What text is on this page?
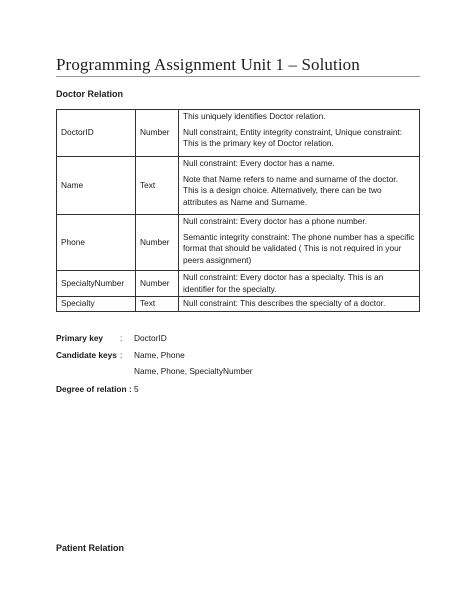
Programming Assignment Unit 1 – Solution
Doctor Relation
DoctorID	Number	This uniquely identifies Doctor relation.

Null constraint, Entity integrity constraint, Unique constraint: This is the primary key of Doctor relation.

Name	Text	Null constraint: Every doctor has a name.

Note that Name refers to name and surname of the doctor. This is a design choice. Alternatively, there can be two attributes as Name and Surname.

Phone	Number	Null constraint: Every doctor has a phone number.

Semantic integrity constraint: The phone number has a specific format that should be validated ( This is not required in your peers assignment)

SpecialtyNumber	Number	Null constraint: Every doctor has a specialty. This is an identifier for the specialty.

Specialty	Text	Null constraint: This describes the specialty of a doctor.

Primary key : DoctorID
Candidate keys : Name, Phone
Name, Phone, SpecialtyNumber
Degree of relation : 5
Patient Relation
